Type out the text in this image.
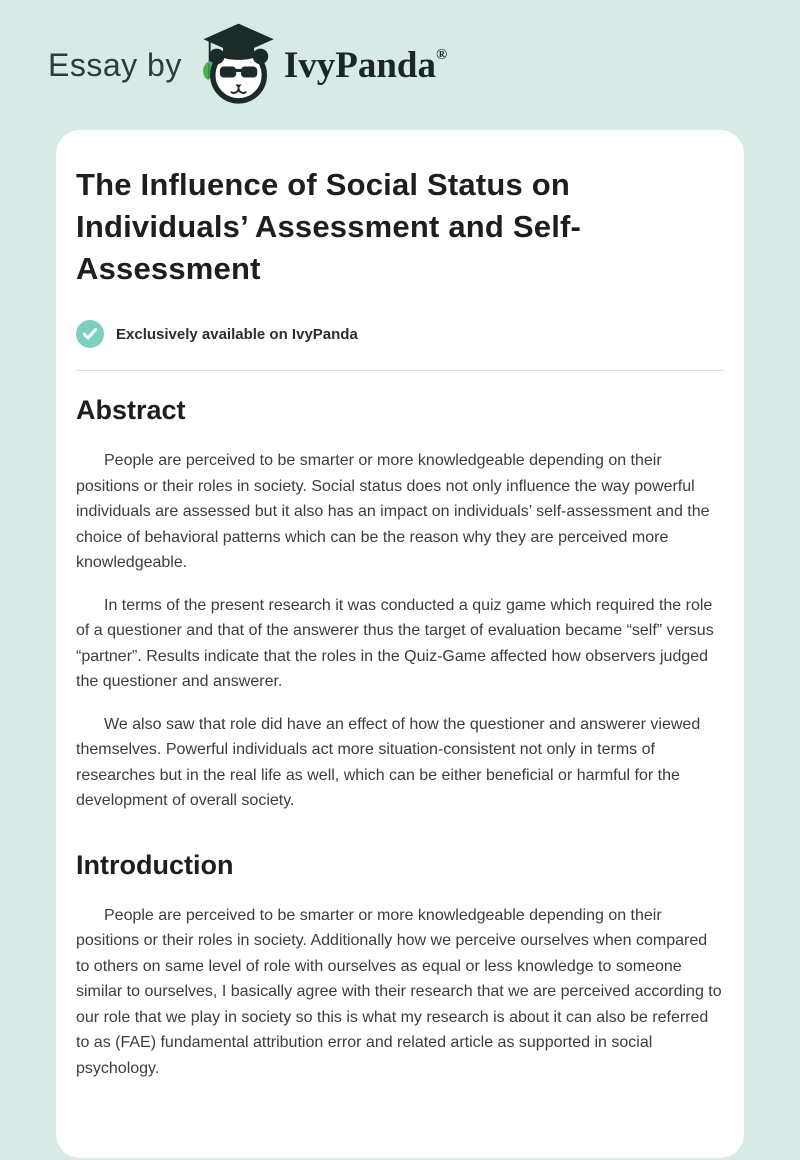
Essay by	IvyPanda®
The Influence of Social Status on Individuals’ Assessment and Self-Assessment
Exclusively available on IvyPanda
Abstract

People are perceived to be smarter or more knowledgeable depending on their positions or their roles in society. Social status does not only influence the way powerful individuals are assessed but it also has an impact on individuals’ self-assessment and the choice of behavioral patterns which can be the reason why they are perceived more knowledgeable.

In terms of the present research it was conducted a quiz game which required the role of a questioner and that of the answerer thus the target of evaluation became “self” versus “partner”. Results indicate that the roles in the Quiz-Game affected how observers judged the questioner and answerer.

We also saw that role did have an effect of how the questioner and answerer viewed themselves. Powerful individuals act more situation-consistent not only in terms of researches but in the real life as well, which can be either beneficial or harmful for the development of overall society.

Introduction

People are perceived to be smarter or more knowledgeable depending on their positions or their roles in society. Additionally how we perceive ourselves when compared to others on same level of role with ourselves as equal or less knowledge to someone similar to ourselves, I basically agree with their research that we are perceived according to our role that we play in society so this is what my research is about it can also be referred to as (FAE) fundamental attribution error and related article as supported in social psychology.
